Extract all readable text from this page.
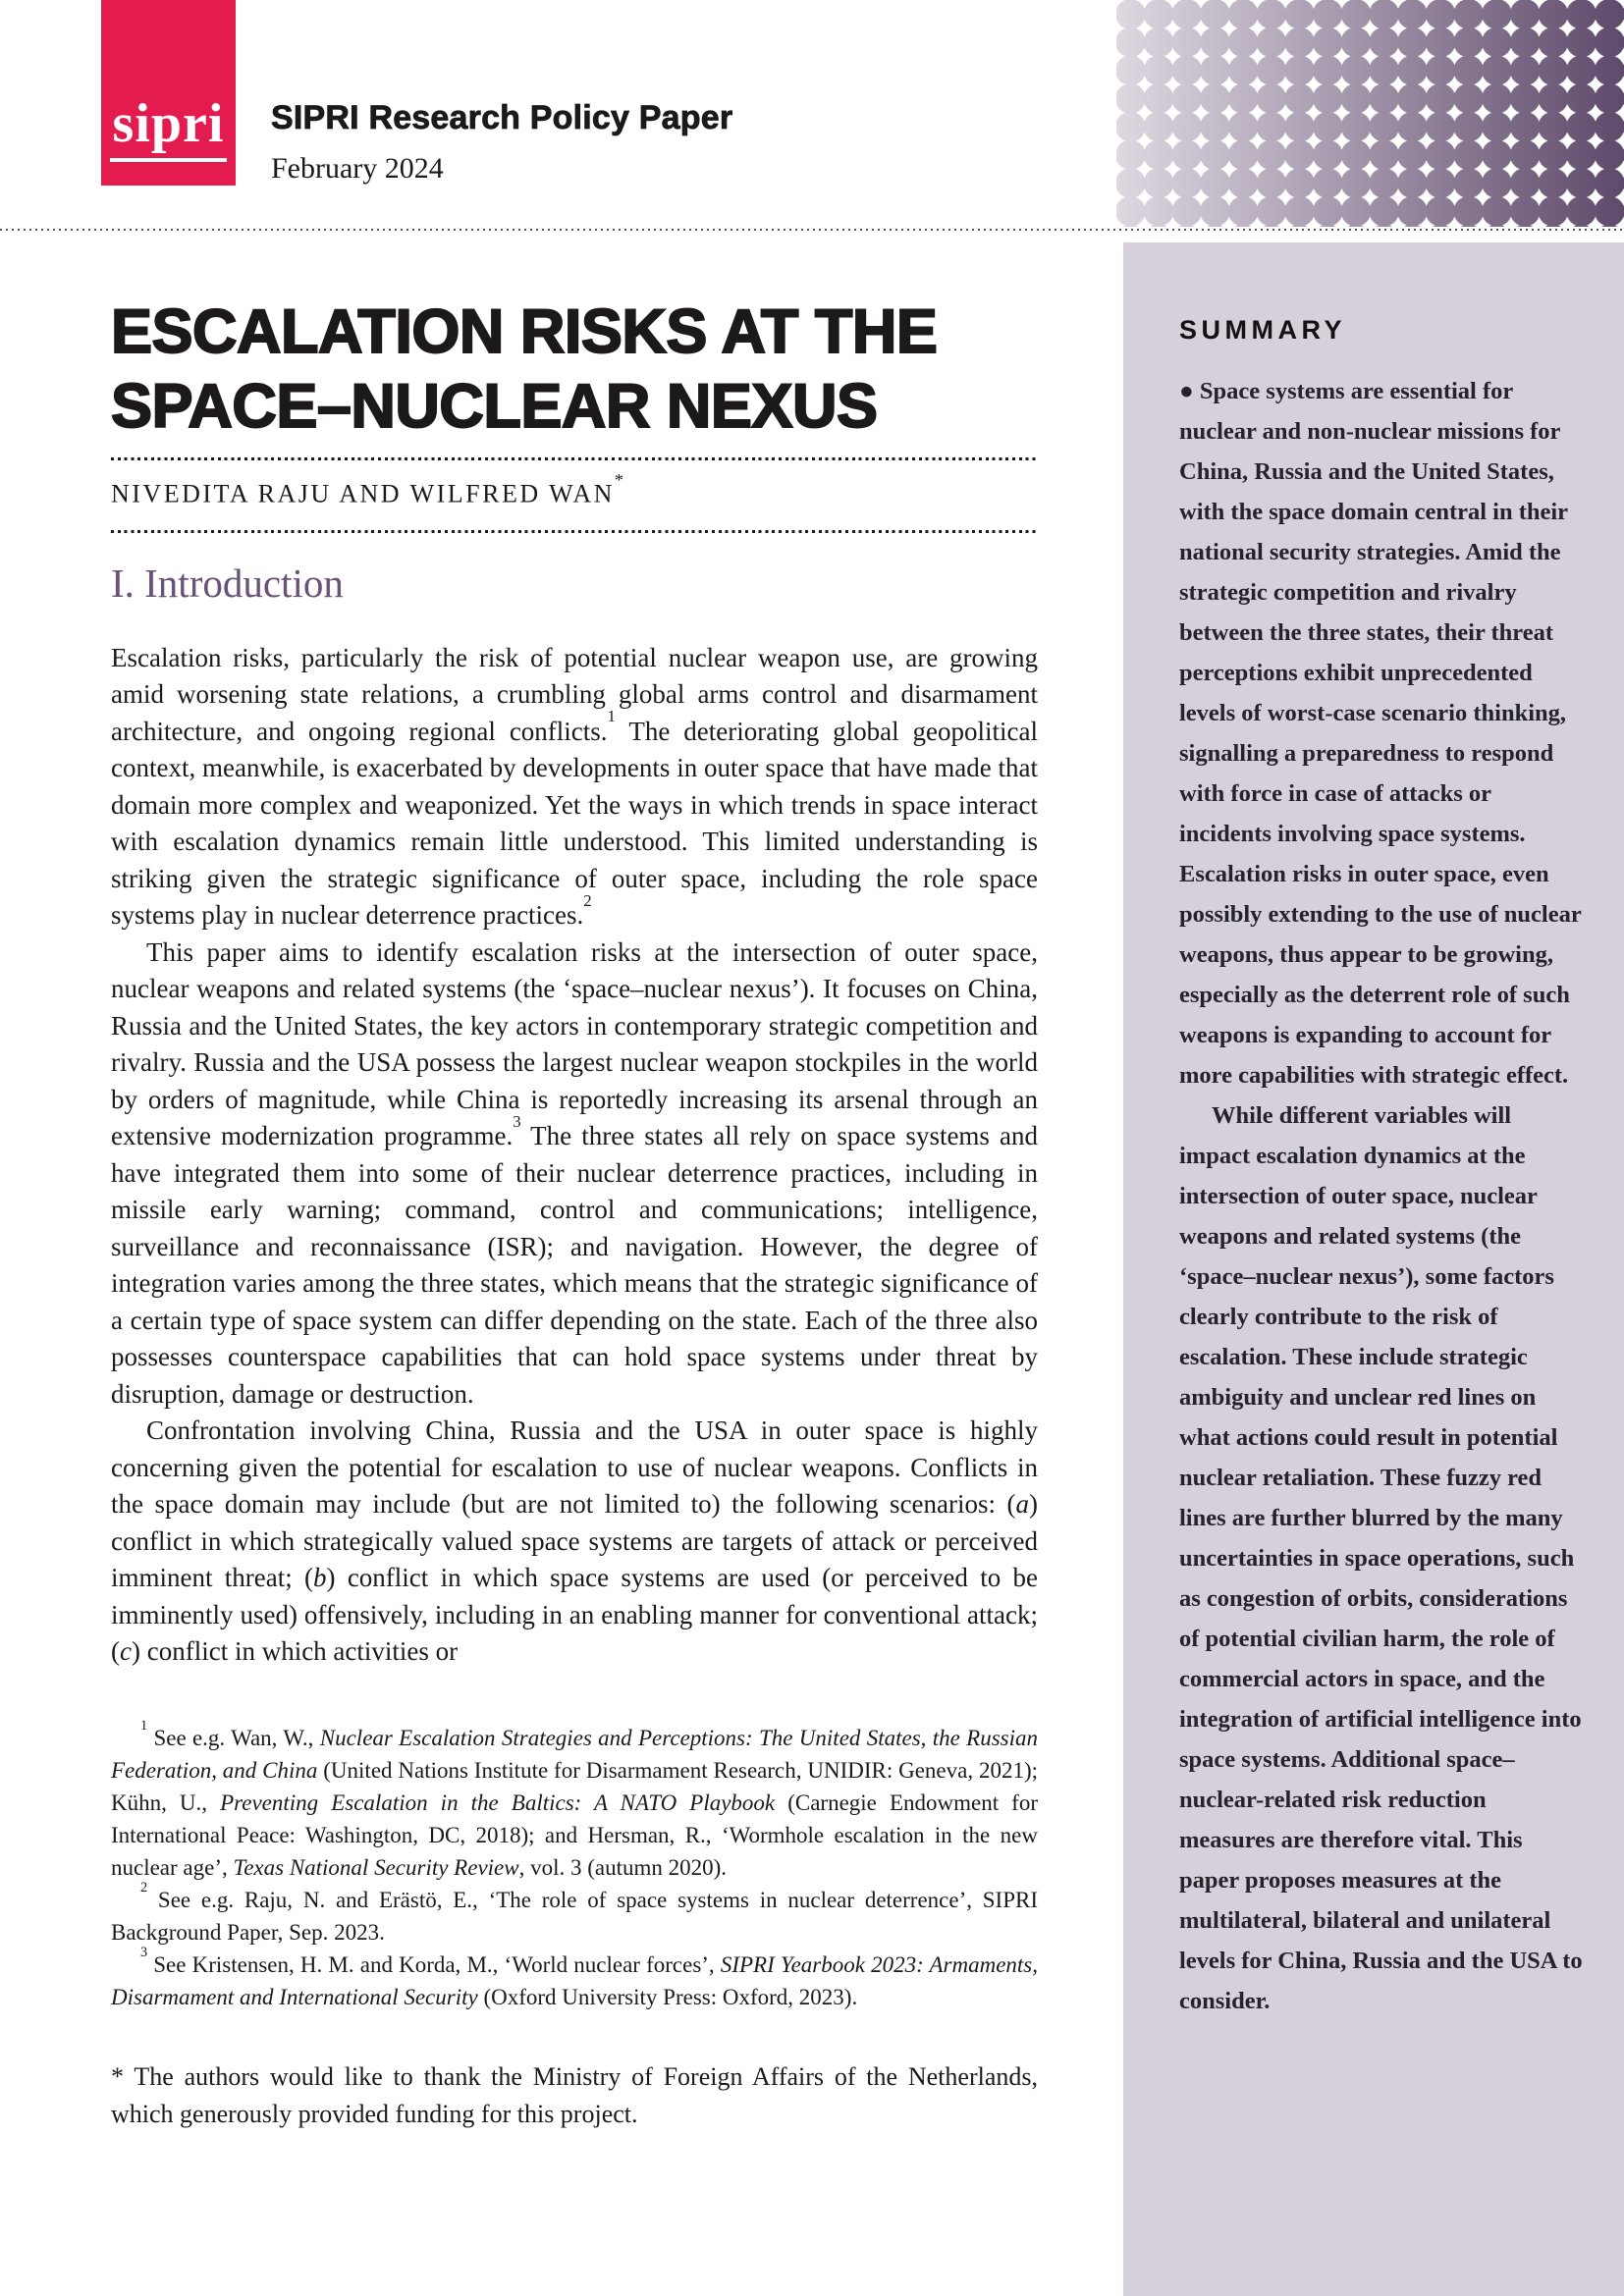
sipri SIPRI Research Policy Paper
February 2024
SUMMARY

● Space systems are essential for nuclear and non-nuclear missions for China, Russia and the United States, with the space domain central in their national security strategies. Amid the strategic competition and rivalry between the three states, their threat perceptions exhibit unprecedented levels of worst-case scenario thinking, signalling a preparedness to respond with force in case of attacks or incidents involving space systems. Escalation risks in outer space, even possibly extending to the use of nuclear weapons, thus appear to be growing, especially as the deterrent role of such weapons is expanding to account for more capabilities with strategic effect.

While different variables will impact escalation dynamics at the intersection of outer space, nuclear weapons and related systems (the ‘space–nuclear nexus’), some factors clearly contribute to the risk of escalation. These include strategic ambiguity and unclear red lines on what actions could result in potential nuclear retaliation. These fuzzy red lines are further blurred by the many uncertainties in space operations, such as congestion of orbits, considerations of potential civilian harm, the role of commercial actors in space, and the integration of artificial intelligence into space systems. Additional space–nuclear-related risk reduction measures are therefore vital. This paper proposes measures at the multilateral, bilateral and unilateral levels for China, Russia and the USA to consider.

ESCALATION RISKS AT THE
SPACE–NUCLEAR NEXUS
NIVEDITA RAJU AND WILFRED WAN*
I. Introduction

Escalation risks, particularly the risk of potential nuclear weapon use, are growing amid worsening state relations, a crumbling global arms control and disarmament architecture, and ongoing regional conflicts.$^1$ The deteriorating global geopolitical context, meanwhile, is exacerbated by developments in outer space that have made that domain more complex and weaponized. Yet the ways in which trends in space interact with escalation dynamics remain little understood. This limited understanding is striking given the strategic significance of outer space, including the role space systems play in nuclear deterrence practices.$^2$

This paper aims to identify escalation risks at the intersection of outer space, nuclear weapons and related systems (the ‘space–nuclear nexus’). It focuses on China, Russia and the United States, the key actors in contemporary strategic competition and rivalry. Russia and the USA possess the largest nuclear weapon stockpiles in the world by orders of magnitude, while China is reportedly increasing its arsenal through an extensive modernization programme.$^3$ The three states all rely on space systems and have integrated them into some of their nuclear deterrence practices, including in missile early warning; command, control and communications; intelligence, surveillance and reconnaissance (ISR); and navigation. However, the degree of integration varies among the three states, which means that the strategic significance of a certain type of space system can differ depending on the state. Each of the three also possesses counterspace capabilities that can hold space systems under threat by disruption, damage or destruction.

Confrontation involving China, Russia and the USA in outer space is highly concerning given the potential for escalation to use of nuclear weapons. Conflicts in the space domain may include (but are not limited to) the following scenarios: (a) conflict in which strategically valued space systems are targets of attack or perceived imminent threat; (b) conflict in which space systems are used (or perceived to be imminently used) offensively, including in an enabling manner for conventional attack; (c) conflict in which activities or

$^1$ See e.g. Wan, W., Nuclear Escalation Strategies and Perceptions: The United States, the Russian Federation, and China (United Nations Institute for Disarmament Research, UNIDIR: Geneva, 2021); Kühn, U., Preventing Escalation in the Baltics: A NATO Playbook (Carnegie Endowment for International Peace: Washington, DC, 2018); and Hersman, R., ‘Wormhole escalation in the new nuclear age’, Texas National Security Review, vol. 3 (autumn 2020).

$^2$ See e.g. Raju, N. and Erästö, E., ‘The role of space systems in nuclear deterrence’, SIPRI Background Paper, Sep. 2023.

$^3$ See Kristensen, H. M. and Korda, M., ‘World nuclear forces’, SIPRI Yearbook 2023: Armaments, Disarmament and International Security (Oxford University Press: Oxford, 2023).

* The authors would like to thank the Ministry of Foreign Affairs of the Netherlands, which generously provided funding for this project.
